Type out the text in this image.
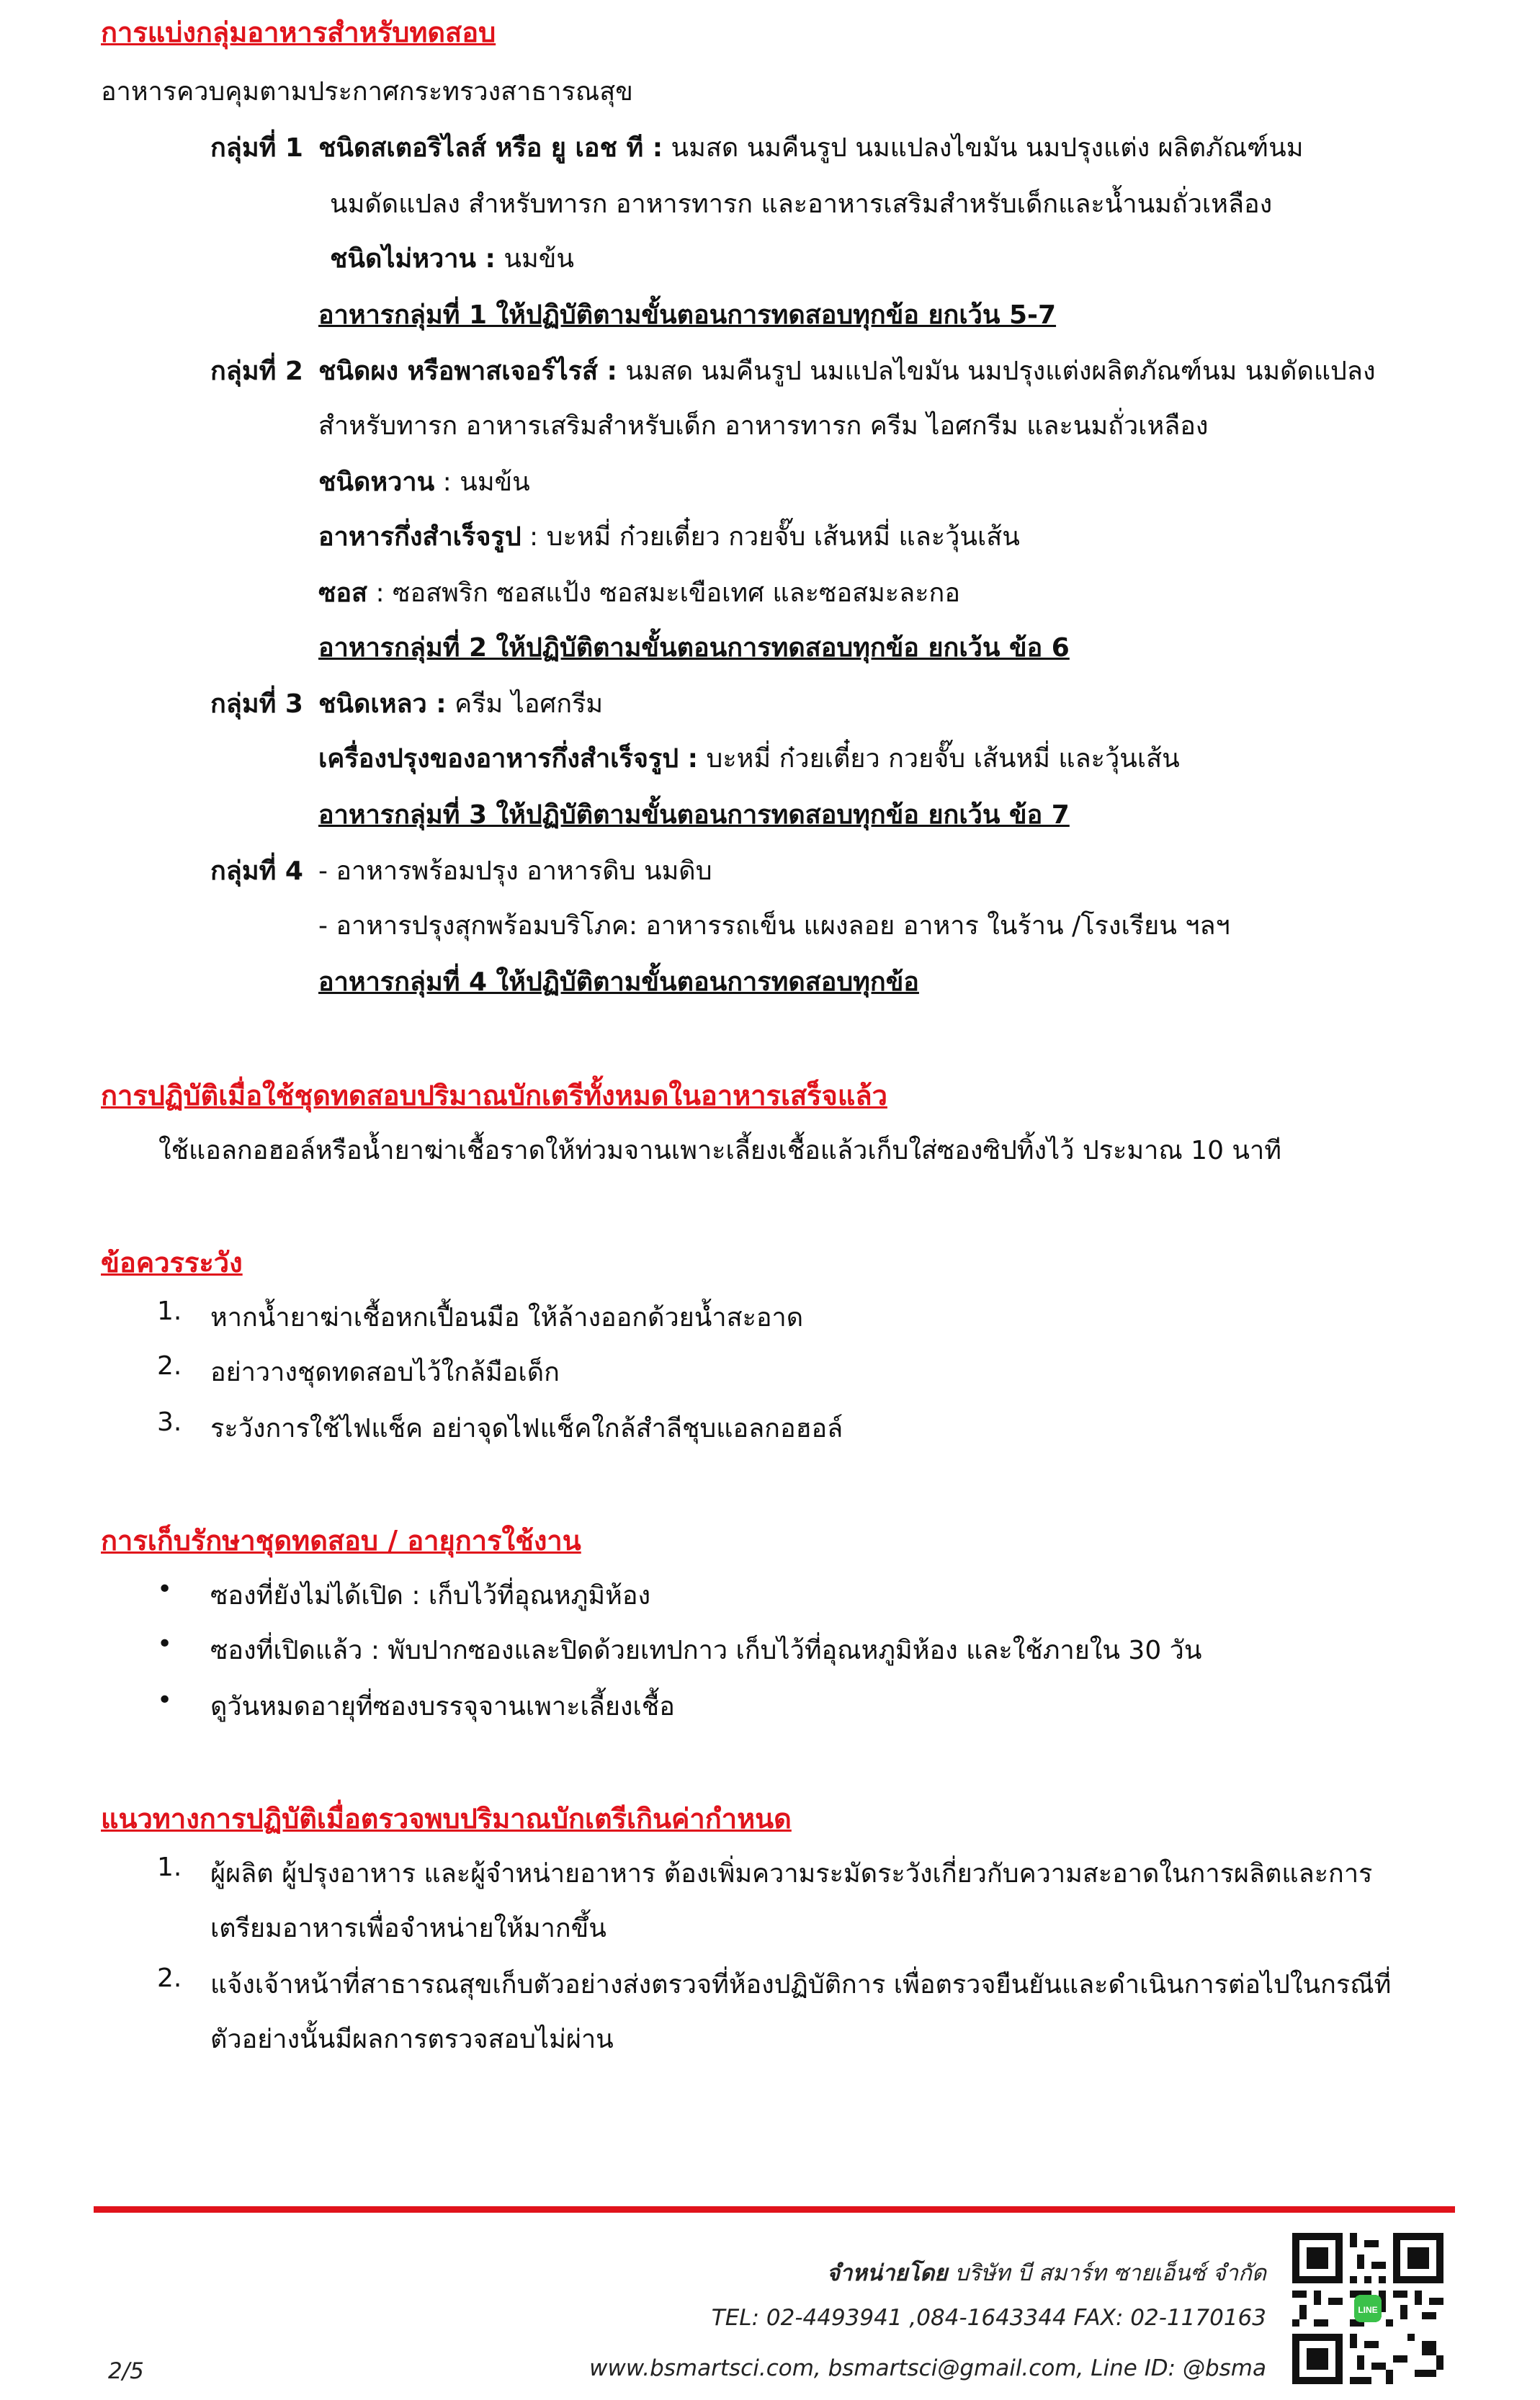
การแบ่งกลุ่มอาหารสำหรับทดสอบ
อาหารควบคุมตามประกาศกระทรวงสาธารณสุข
กลุ่มที่ 1 ชนิดสเตอริไลส์ หรือ ยู เอช ที : นมสด นมคืนรูป นมแปลงไขมัน นมปรุงแต่ง ผลิตภัณฑ์นม
นมดัดแปลง สำหรับทารก อาหารทารก และอาหารเสริมสำหรับเด็กและน้ำนมถั่วเหลือง
ชนิดไม่หวาน : นมข้น
อาหารกลุ่มที่ 1 ให้ปฏิบัติตามขั้นตอนการทดสอบทุกข้อ ยกเว้น 5-7
กลุ่มที่ 2 ชนิดผง หรือพาสเจอร์ไรส์ : นมสด นมคืนรูป นมแปลไขมัน นมปรุงแต่งผลิตภัณฑ์นม นมดัดแปลง
สำหรับทารก อาหารเสริมสำหรับเด็ก อาหารทารก ครีม ไอศกรีม และนมถั่วเหลือง
ชนิดหวาน : นมข้น
อาหารกึ่งสำเร็จรูป : บะหมี่ ก๋วยเตี๋ยว กวยจั๊บ เส้นหมี่ และวุ้นเส้น
ซอส : ซอสพริก ซอสแป้ง ซอสมะเขือเทศ และซอสมะละกอ
อาหารกลุ่มที่ 2 ให้ปฏิบัติตามขั้นตอนการทดสอบทุกข้อ ยกเว้น ข้อ 6
กลุ่มที่ 3 ชนิดเหลว : ครีม ไอศกรีม
เครื่องปรุงของอาหารกึ่งสำเร็จรูป : บะหมี่ ก๋วยเตี๋ยว กวยจั๊บ เส้นหมี่ และวุ้นเส้น
อาหารกลุ่มที่ 3 ให้ปฏิบัติตามขั้นตอนการทดสอบทุกข้อ ยกเว้น ข้อ 7
กลุ่มที่ 4 - อาหารพร้อมปรุง อาหารดิบ นมดิบ
- อาหารปรุงสุกพร้อมบริโภค: อาหารรถเข็น แผงลอย อาหาร ในร้าน /โรงเรียน ฯลฯ
อาหารกลุ่มที่ 4 ให้ปฏิบัติตามขั้นตอนการทดสอบทุกข้อ
การปฏิบัติเมื่อใช้ชุดทดสอบปริมาณบักเตรีทั้งหมดในอาหารเสร็จแล้ว
ใช้แอลกอฮอล์หรือน้ำยาฆ่าเชื้อราดให้ท่วมจานเพาะเลี้ยงเชื้อแล้วเก็บใส่ซองซิปทิ้งไว้ ประมาณ 10 นาที
ข้อควรระวัง
1. หากน้ำยาฆ่าเชื้อหกเปื้อนมือ ให้ล้างออกด้วยน้ำสะอาด
2. อย่าวางชุดทดสอบไว้ใกล้มือเด็ก
3. ระวังการใช้ไฟแช็ค อย่าจุดไฟแช็คใกล้สำลีชุบแอลกอฮอล์
การเก็บรักษาชุดทดสอบ / อายุการใช้งาน
• ซองที่ยังไม่ได้เปิด : เก็บไว้ที่อุณหภูมิห้อง
• ซองที่เปิดแล้ว : พับปากซองและปิดด้วยเทปกาว เก็บไว้ที่อุณหภูมิห้อง และใช้ภายใน 30 วัน
• ดูวันหมดอายุที่ซองบรรจุจานเพาะเลี้ยงเชื้อ
แนวทางการปฏิบัติเมื่อตรวจพบปริมาณบักเตรีเกินค่ากำหนด
1. ผู้ผลิต ผู้ปรุงอาหาร และผู้จำหน่ายอาหาร ต้องเพิ่มความระมัดระวังเกี่ยวกับความสะอาดในการผลิตและการ
เตรียมอาหารเพื่อจำหน่ายให้มากขึ้น
2. แจ้งเจ้าหน้าที่สาธารณสุขเก็บตัวอย่างส่งตรวจที่ห้องปฏิบัติการ เพื่อตรวจยืนยันและดำเนินการต่อไปในกรณีที่
ตัวอย่างนั้นมีผลการตรวจสอบไม่ผ่าน
จำหน่ายโดย บริษัท บี สมาร์ท ซายเอ็นซ์ จำกัด
TEL: 02-4493941 ,084-1643344 FAX: 02-1170163
www.bsmartsci.com, bsmartsci@gmail.com, Line ID: @bsma
2/5
LINE
